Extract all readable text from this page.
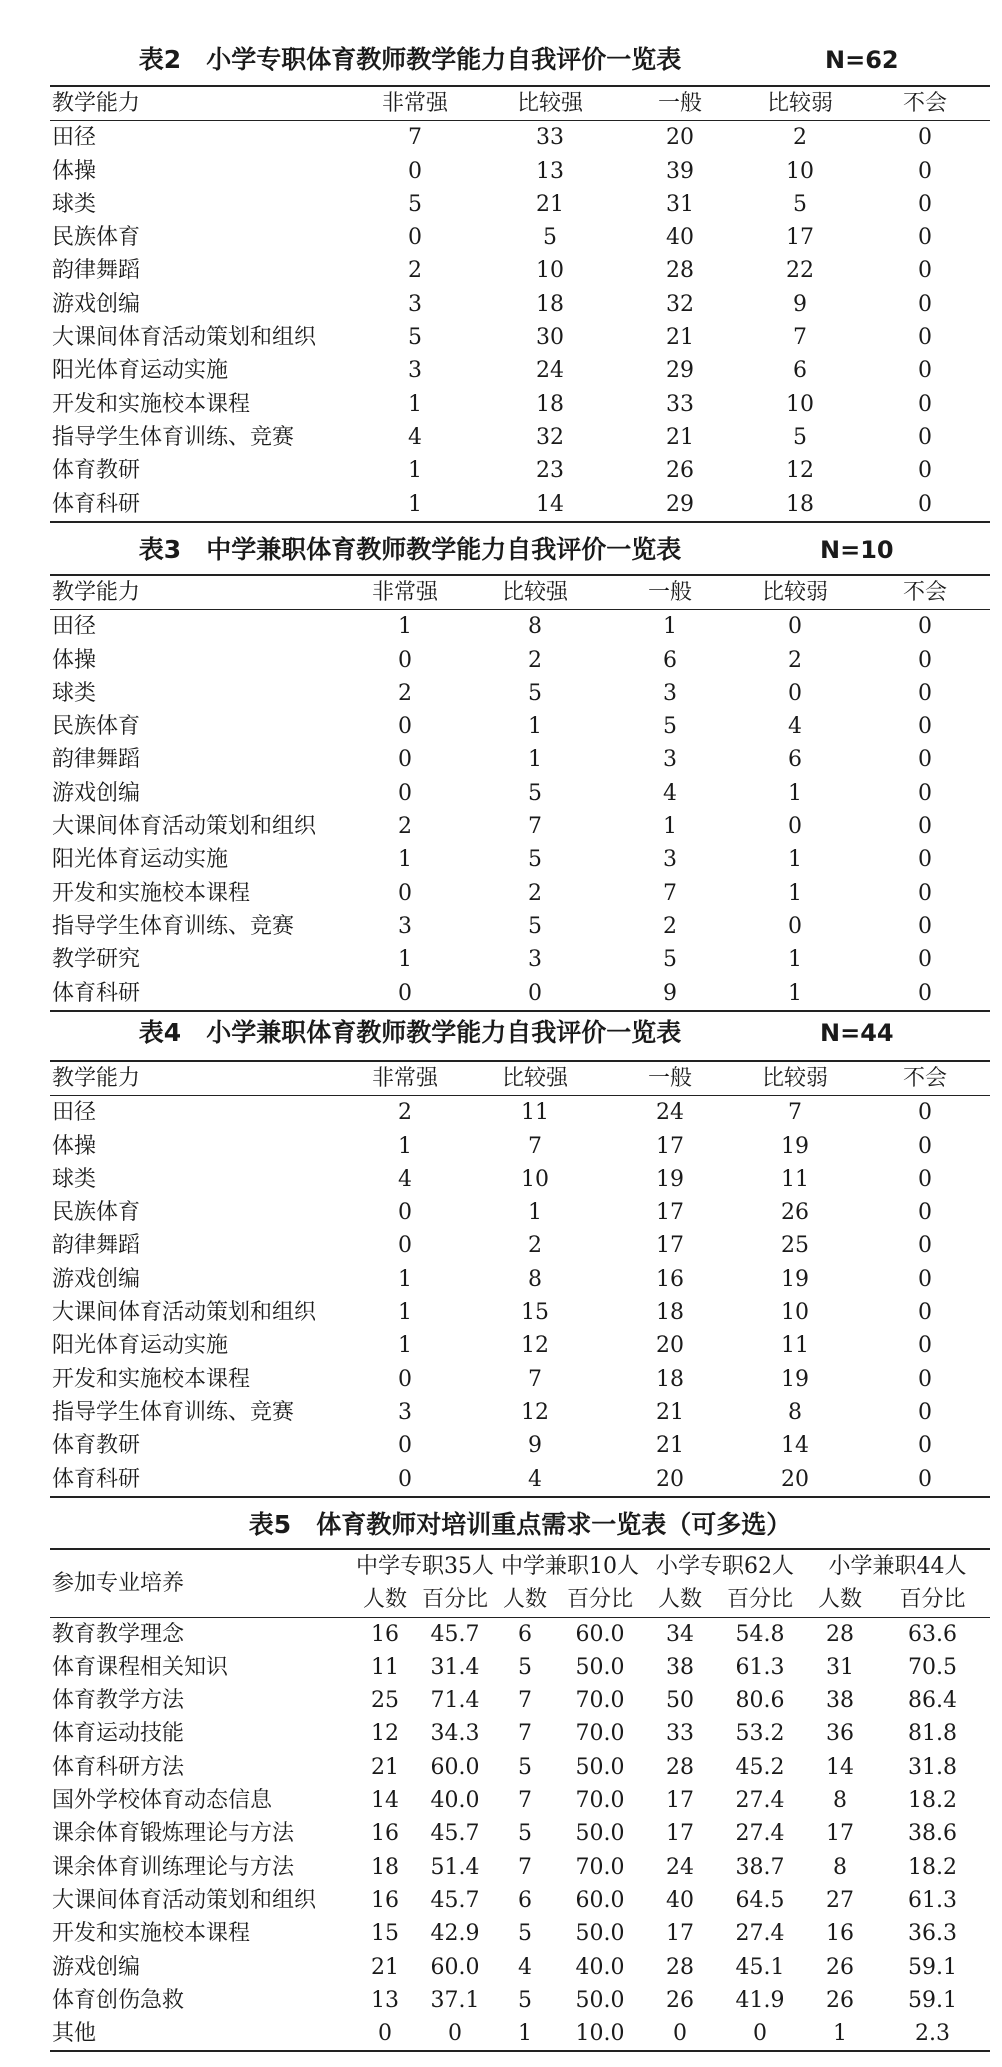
表2　小学专职体育教师教学能力自我评价一览表	N=62
教学能力	非常强	比较强	一般	比较弱	不会
田径	7	33	20	2	0
体操	0	13	39	10	0
球类	5	21	31	5	0
民族体育	0	5	40	17	0
韵律舞蹈	2	10	28	22	0
游戏创编	3	18	32	9	0
大课间体育活动策划和组织	5	30	21	7	0
阳光体育运动实施	3	24	29	6	0
开发和实施校本课程	1	18	33	10	0
指导学生体育训练、竞赛	4	32	21	5	0
体育教研	1	23	26	12	0
体育科研	1	14	29	18	0
表3　中学兼职体育教师教学能力自我评价一览表	N=10
教学能力	非常强	比较强	一般	比较弱	不会
田径	1	8	1	0	0
体操	0	2	6	2	0
球类	2	5	3	0	0
民族体育	0	1	5	4	0
韵律舞蹈	0	1	3	6	0
游戏创编	0	5	4	1	0
大课间体育活动策划和组织	2	7	1	0	0
阳光体育运动实施	1	5	3	1	0
开发和实施校本课程	0	2	7	1	0
指导学生体育训练、竞赛	3	5	2	0	0
教学研究	1	3	5	1	0
体育科研	0	0	9	1	0
表4　小学兼职体育教师教学能力自我评价一览表	N=44
教学能力	非常强	比较强	一般	比较弱	不会
田径	2	11	24	7	0
体操	1	7	17	19	0
球类	4	10	19	11	0
民族体育	0	1	17	26	0
韵律舞蹈	0	2	17	25	0
游戏创编	1	8	16	19	0
大课间体育活动策划和组织	1	15	18	10	0
阳光体育运动实施	1	12	20	11	0
开发和实施校本课程	0	7	18	19	0
指导学生体育训练、竞赛	3	12	21	8	0
体育教研	0	9	21	14	0
体育科研	0	4	20	20	0
表5　体育教师对培训重点需求一览表（可多选）
参加专业培养	中学专职35人		中学兼职10人		小学专职62人		小学兼职44人	
	人数	百分比	人数	百分比	人数	百分比	人数	百分比
教育教学理念	16	45.7	6	60.0	34	54.8	28	63.6
体育课程相关知识	11	31.4	5	50.0	38	61.3	31	70.5
体育教学方法	25	71.4	7	70.0	50	80.6	38	86.4
体育运动技能	12	34.3	7	70.0	33	53.2	36	81.8
体育科研方法	21	60.0	5	50.0	28	45.2	14	31.8
国外学校体育动态信息	14	40.0	7	70.0	17	27.4	8	18.2
课余体育锻炼理论与方法	16	45.7	5	50.0	17	27.4	17	38.6
课余体育训练理论与方法	18	51.4	7	70.0	24	38.7	8	18.2
大课间体育活动策划和组织	16	45.7	6	60.0	40	64.5	27	61.3
开发和实施校本课程	15	42.9	5	50.0	17	27.4	16	36.3
游戏创编	21	60.0	4	40.0	28	45.1	26	59.1
体育创伤急救	13	37.1	5	50.0	26	41.9	26	59.1
其他	0	0	1	10.0	0	0	1	2.3
